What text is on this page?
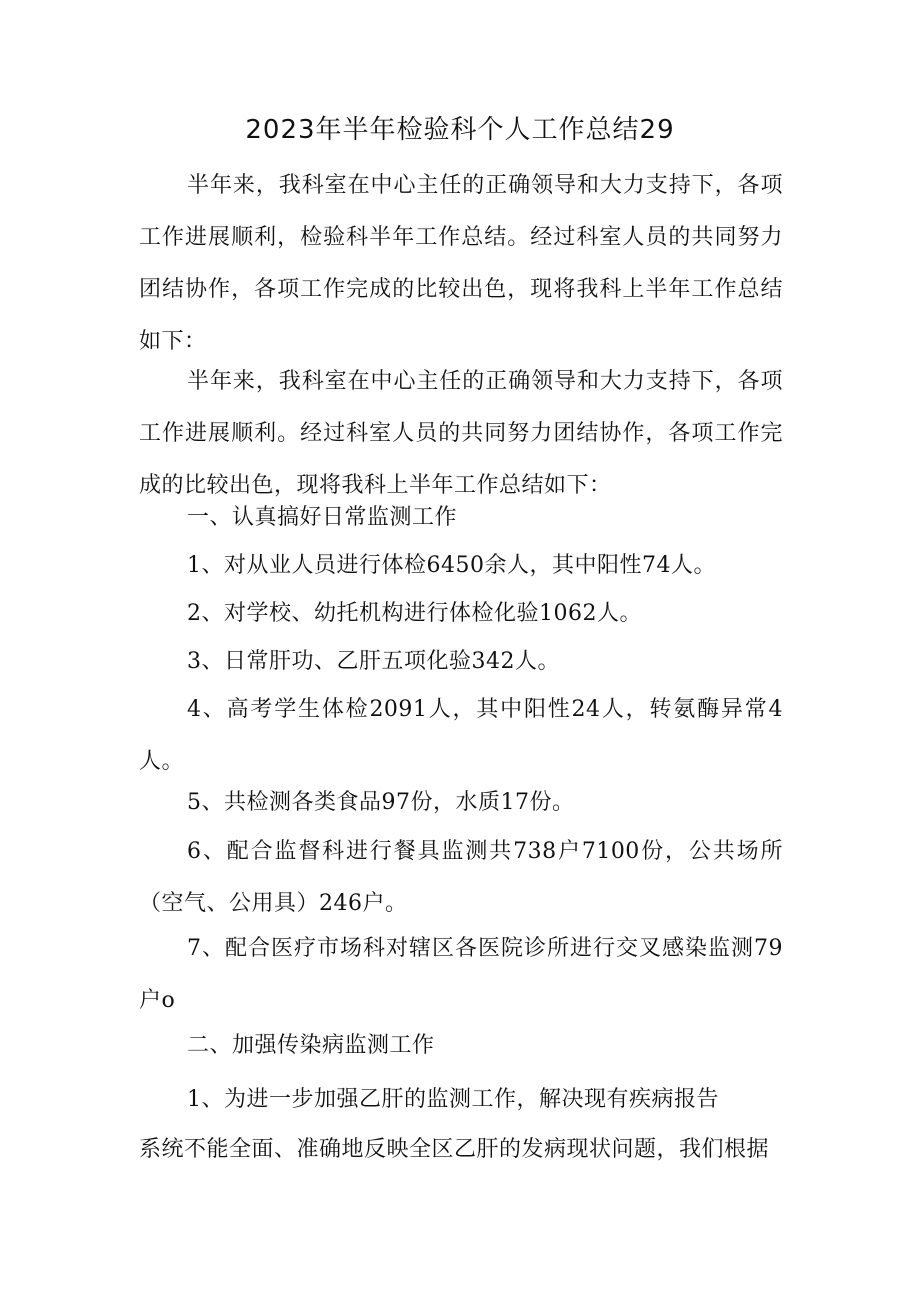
2023年半年检验科个人工作总结29

半年来，我科室在中心主任的正确领导和大力支持下，各项工作进展顺利，检验科半年工作总结。经过科室人员的共同努力团结协作，各项工作完成的比较出色，现将我科上半年工作总结如下：

半年来，我科室在中心主任的正确领导和大力支持下，各项工作进展顺利。经过科室人员的共同努力团结协作，各项工作完成的比较出色，现将我科上半年工作总结如下：

一、认真搞好日常监测工作

1、对从业人员进行体检6450余人，其中阳性74人。

2、对学校、幼托机构进行体检化验1062人。

3、日常肝功、乙肝五项化验342人。

4、高考学生体检2091人，其中阳性24人，转氨酶异常4人。

5、共检测各类食品97份，水质17份。

6、配合监督科进行餐具监测共738户7100份，公共场所（空气、公用具）246户。

7、配合医疗市场科对辖区各医院诊所进行交叉感染监测79户o

二、加强传染病监测工作

1、为进一步加强乙肝的监测工作，解决现有疾病报告

系统不能全面、准确地反映全区乙肝的发病现状问题，我们根据
